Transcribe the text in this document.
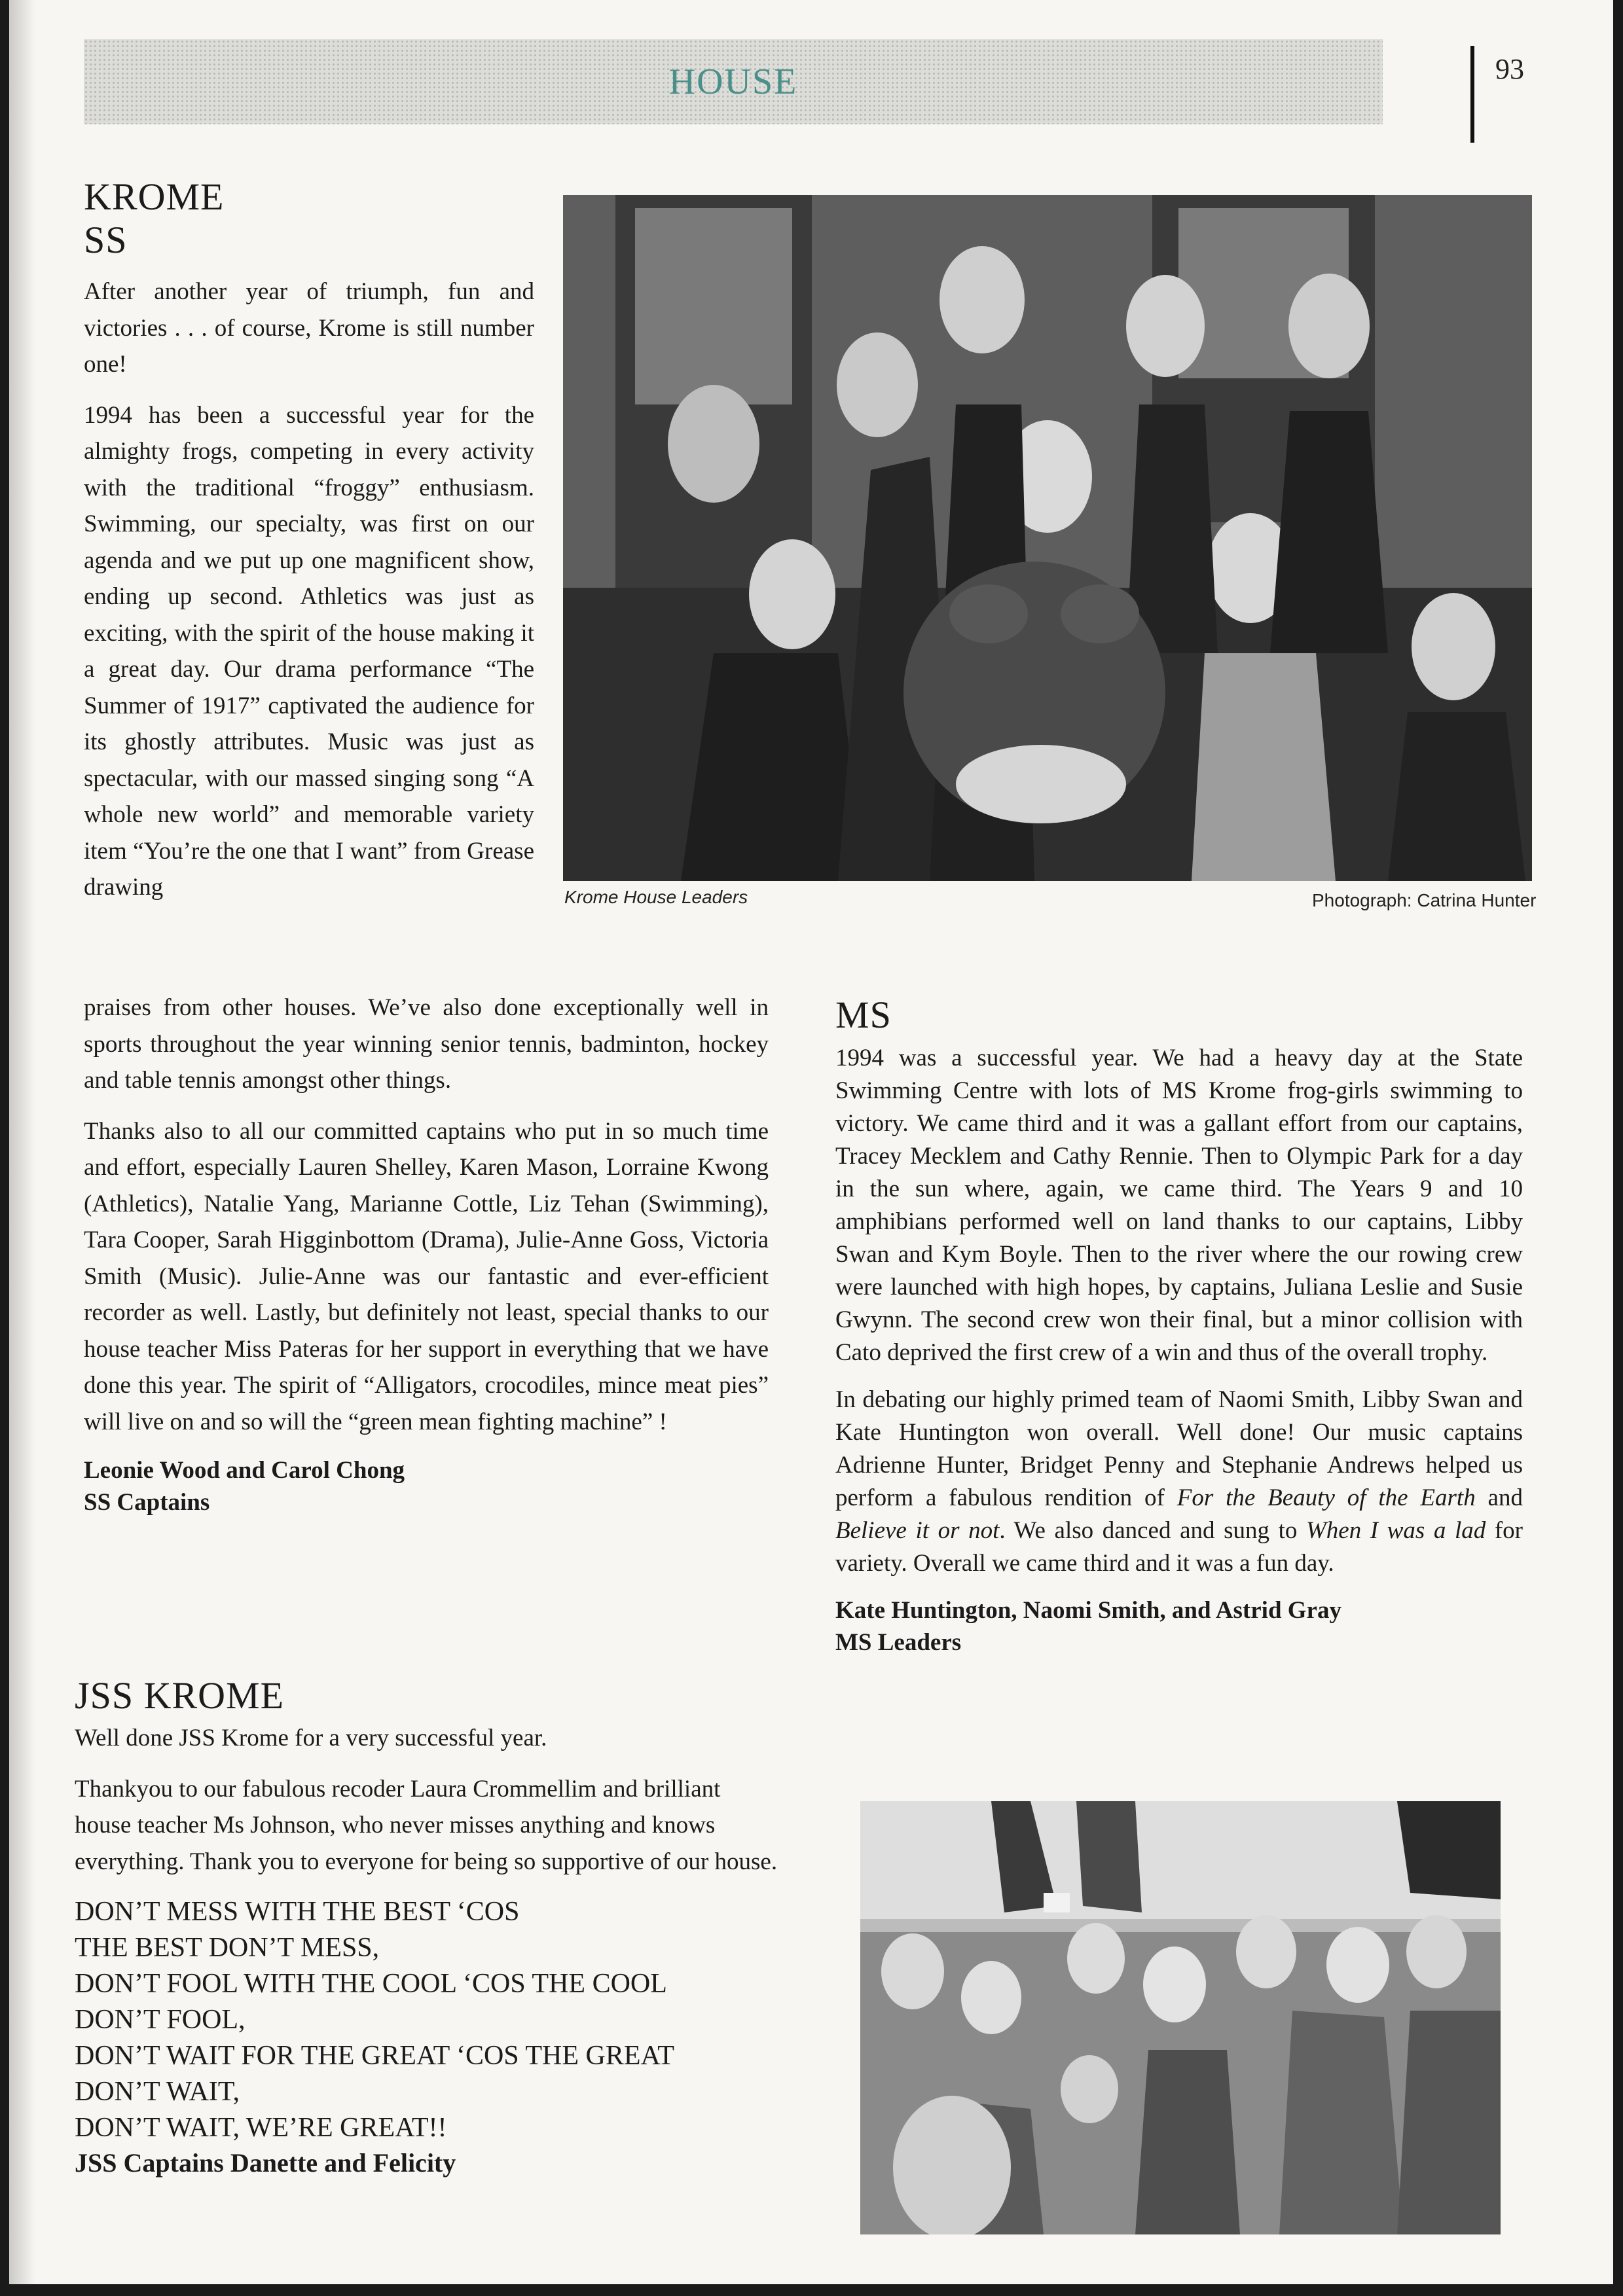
HOUSE	93
KROME
SS

After another year of triumph, fun and victories . . . of course, Krome is still number one!

1994 has been a successful year for the almighty frogs, competing in every activity with the traditional “froggy” enthusiasm. Swimming, our specialty, was first on our agenda and we put up one magnificent show, ending up second. Athletics was just as exciting, with the spirit of the house making it a great day. Our drama performance “The Summer of 1917” captivated the audience for its ghostly attributes. Music was just as spectacular, with our massed singing song “A whole new world” and memorable variety item “You’re the one that I want” from Grease drawing	Krome House Leaders	Photograph: Catrina Hunter

praises from other houses. We’ve also done exceptionally well in sports throughout the year winning senior tennis, badminton, hockey and table tennis amongst other things.

Thanks also to all our committed captains who put in so much time and effort, especially Lauren Shelley, Karen Mason, Lorraine Kwong (Athletics), Natalie Yang, Marianne Cottle, Liz Tehan (Swimming), Tara Cooper, Sarah Higginbottom (Drama), Julie-Anne Goss, Victoria Smith (Music). Julie-Anne was our fantastic and ever-efficient recorder as well. Lastly, but definitely not least, special thanks to our house teacher Miss Pateras for her support in everything that we have done this year. The spirit of “Alligators, crocodiles, mince meat pies” will live on and so will the “green mean fighting machine” !

Leonie Wood and Carol Chong

SS Captains

JSS KROME

Well done JSS Krome for a very successful year.

Thankyou to our fabulous recoder Laura Crommellim and brilliant house teacher Ms Johnson, who never misses anything and knows everything. Thank you to everyone for being so supportive of our house.

DON’T MESS WITH THE BEST ‘COS

THE BEST DON’T MESS,

DON’T FOOL WITH THE COOL ‘COS THE COOL

DON’T FOOL,

DON’T WAIT FOR THE GREAT ‘COS THE GREAT

DON’T WAIT,

DON’T WAIT, WE’RE GREAT!!

JSS Captains Danette and Felicity

MS

1994 was a successful year. We had a heavy day at the State Swimming Centre with lots of MS Krome frog-girls swimming to victory. We came third and it was a gallant effort from our captains, Tracey Mecklem and Cathy Rennie. Then to Olympic Park for a day in the sun where, again, we came third. The Years 9 and 10 amphibians performed well on land thanks to our captains, Libby Swan and Kym Boyle. Then to the river where the our rowing crew were launched with high hopes, by captains, Juliana Leslie and Susie Gwynn. The second crew won their final, but a minor collision with Cato deprived the first crew of a win and thus of the overall trophy.

In debating our highly primed team of Naomi Smith, Libby Swan and Kate Huntington won overall. Well done! Our music captains Adrienne Hunter, Bridget Penny and Stephanie Andrews helped us perform a fabulous rendition of For the Beauty of the Earth and Believe it or not. We also danced and sung to When I was a lad for variety. Overall we came third and it was a fun day.

Kate Huntington, Naomi Smith, and Astrid Gray

MS Leaders
